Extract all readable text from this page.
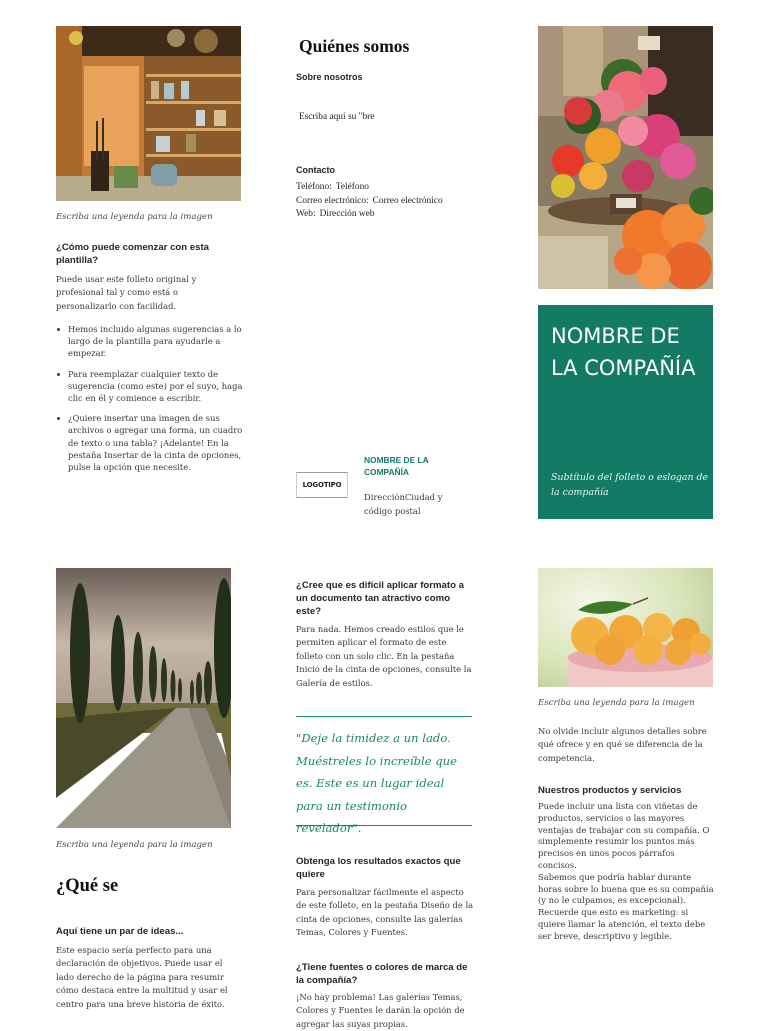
Escriba una leyenda para la imagen

¿Cómo puede comenzar con esta plantilla?

Puede usar este folleto original y profesional tal y como está o personalizarlo con facilidad.

Hemos incluido algunas sugerencias a lo largo de la plantilla para ayudarle a empezar.
Para reemplazar cualquier texto de sugerencia (como este) por el suyo, haga clic en él y comience a escribir.
¿Quiere insertar una imagen de sus archivos o agregar una forma, un cuadro de texto o una tabla? ¡Adelante! En la pestaña Insertar de la cinta de opciones, pulse la opción que necesite.
Quiénes somos
Sobre nosotros
Escriba aquí su "bre
Contacto
Teléfono: Teléfono
Correo electrónico: Correo electrónico
Web: Dirección web
LOGOTIPO

NOMBRE DE LA COMPAÑÍA

DirecciónCiudad y código postal

NOMBRE DE LA COMPAÑÍA

Subtítulo del folleto o eslogan de la compañía
Escriba una leyenda para la imagen
¿Qué se

Aquí tiene un par de ideas...

Este espacio sería perfecto para una declaración de objetivos. Puede usar el lado derecho de la página para resumir cómo destaca entre la multitud y usar el centro para una breve historia de éxito.

¿Cree que es difícil aplicar formato a un documento tan atractivo como este?

Para nada. Hemos creado estilos que le permiten aplicar el formato de este folleto con un solo clic. En la pestaña Inicio de la cinta de opciones, consulte la Galería de estilos.

"Deje la timidez a un lado. Muéstreles lo increíble que es. Este es un lugar ideal para un testimonio revelador".

Obtenga los resultados exactos que quiere

Para personalizar fácilmente el aspecto de este folleto, en la pestaña Diseño de la cinta de opciones, consulte las galerías Temas, Colores y Fuentes.

¿Tiene fuentes o colores de marca de la compañía?

¡No hay problema! Las galerías Temas, Colores y Fuentes le darán la opción de agregar las suyas propias.

Escriba una leyenda para la imagen

No olvide incluir algunos detalles sobre qué ofrece y en qué se diferencia de la competencia.

Nuestros productos y servicios

Puede incluir una lista con viñetas de productos, servicios o las mayores ventajas de trabajar con su compañía. O simplemente resumir los puntos más precisos en unos pocos párrafos concisos.
Sabemos que podría hablar durante horas sobre lo buena que es su compañía (y no le culpamos, es excepcional). Recuerde que esto es marketing: si quiere llamar la atención, el texto debe ser breve, descriptivo y legible.
